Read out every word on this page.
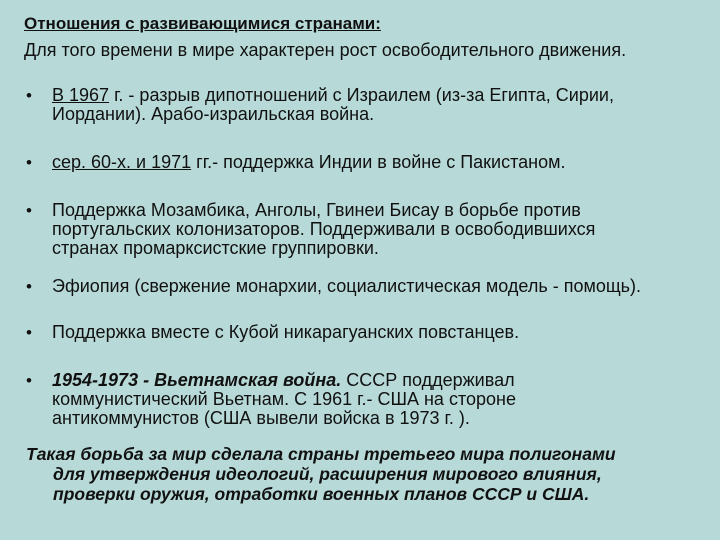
Отношения с развивающимися странами:
Для того времени в мире характерен рост освободительного движения.
• В 1967 г. - разрыв дипотношений с Израилем (из-за Египта, Сирии,
Иордании). Арабо-израильская война.
• сер. 60-х. и 1971 гг.- поддержка Индии в войне с Пакистаном.
• Поддержка Мозамбика, Анголы, Гвинеи Бисау в борьбе против
португальских колонизаторов. Поддерживали в освободившихся
странах промарксистские группировки.
• Эфиопия (свержение монархии, социалистическая модель - помощь).
• Поддержка вместе с Кубой никарагуанских повстанцев.
• 1954-1973 - Вьетнамская война. СССР поддерживал
коммунистический Вьетнам. С 1961 г.- США на стороне
антикоммунистов (США вывели войска в 1973 г. ).
Такая борьба за мир сделала страны третьего мира полигонами
для утверждения идеологий, расширения мирового влияния,
проверки оружия, отработки военных планов СССР и США.
